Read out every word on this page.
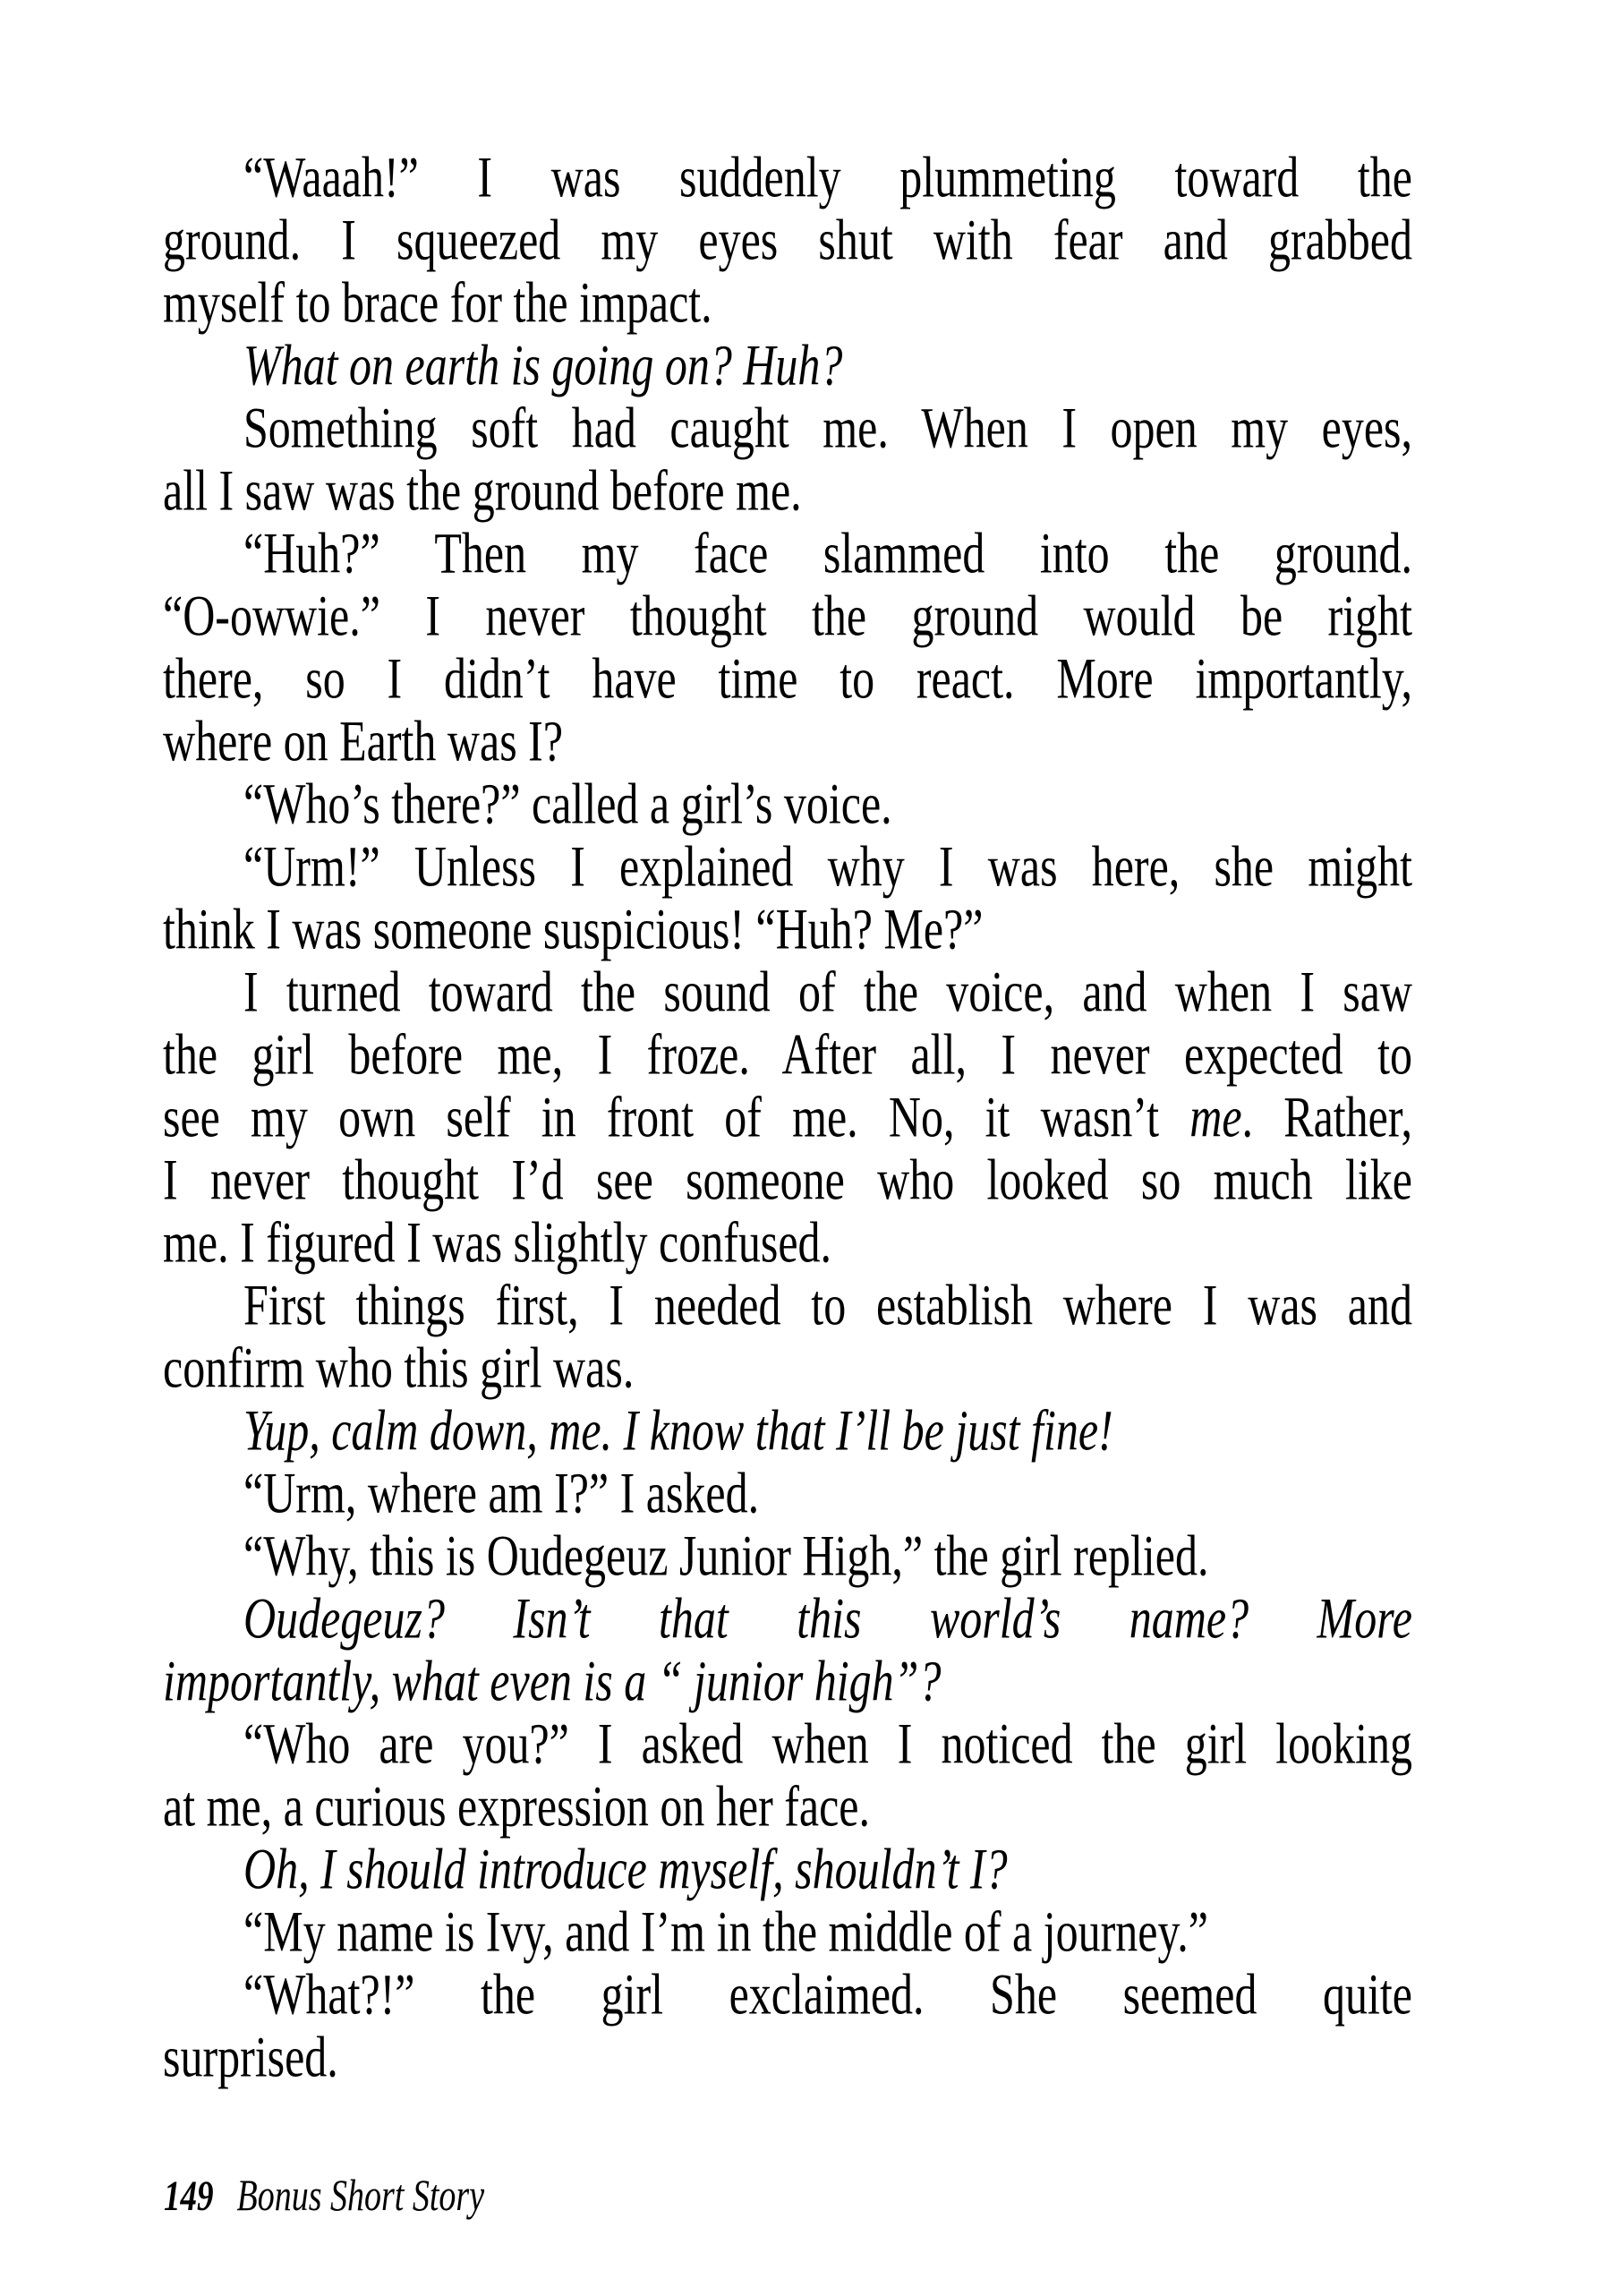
“Waaah!” I was suddenly plummeting toward the
ground. I squeezed my eyes shut with fear and grabbed
myself to brace for the impact.
What on earth is going on? Huh?
Something soft had caught me. When I open my eyes,
all I saw was the ground before me.
“Huh?” Then my face slammed into the ground.
“O-owwie.” I never thought the ground would be right
there, so I didn’t have time to react. More importantly,
where on Earth was I?
“Who’s there?” called a girl’s voice.
“Urm!” Unless I explained why I was here, she might
think I was someone suspicious! “Huh? Me?”
I turned toward the sound of the voice, and when I saw
the girl before me, I froze. After all, I never expected to
see my own self in front of me. No, it wasn’t me. Rather,
I never thought I’d see someone who looked so much like
me. I figured I was slightly confused.
First things first, I needed to establish where I was and
confirm who this girl was.
Yup, calm down, me. I know that I’ll be just fine!
“Urm, where am I?” I asked.
“Why, this is Oudegeuz Junior High,” the girl replied.
Oudegeuz? Isn’t that this world’s name? More
importantly, what even is a “ junior high”?
“Who are you?” I asked when I noticed the girl looking
at me, a curious expression on her face.
Oh, I should introduce myself, shouldn’t I?
“My name is Ivy, and I’m in the middle of a journey.”
“What?!” the girl exclaimed. She seemed quite
surprised.
149 Bonus Short Story
